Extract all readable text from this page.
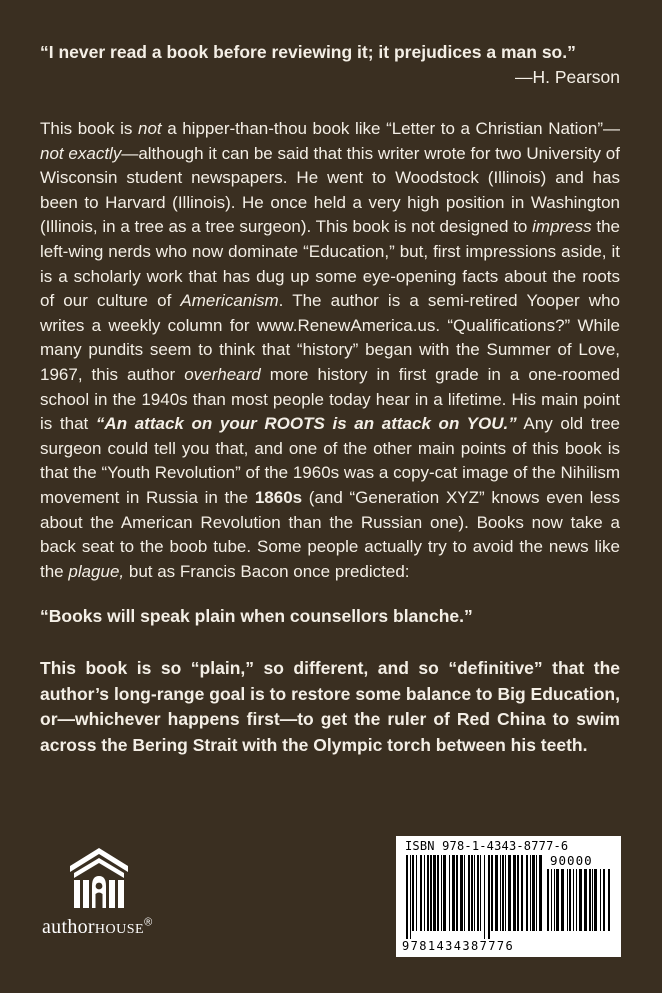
“I never read a book before reviewing it; it prejudices a man so.”
—H. Pearson

This book is not a hipper-than-thou book like “Letter to a Christian Nation”—not exactly—although it can be said that this writer wrote for two University of Wisconsin student newspapers. He went to Woodstock (Illinois) and has been to Harvard (Illinois). He once held a very high position in Washington (Illinois, in a tree as a tree surgeon). This book is not designed to impress the left-wing nerds who now dominate “Education,” but, first impressions aside, it is a scholarly work that has dug up some eye-opening facts about the roots of our culture of Americanism. The author is a semi-retired Yooper who writes a weekly column for www.RenewAmerica.us. “Qualifications?” While many pundits seem to think that “history” began with the Summer of Love, 1967, this author overheard more history in first grade in a one-roomed school in the 1940s than most people today hear in a lifetime. His main point is that “An attack on your ROOTS is an attack on YOU.” Any old tree surgeon could tell you that, and one of the other main points of this book is that the “Youth Revolution” of the 1960s was a copy-cat image of the Nihilism movement in Russia in the 1860s (and “Generation XYZ” knows even less about the American Revolution than the Russian one). Books now take a back seat to the boob tube. Some people actually try to avoid the news like the plague, but as Francis Bacon once predicted:

“Books will speak plain when counsellors blanche.”
This book is so “plain,” so different, and so “definitive” that the author’s long-range goal is to restore some balance to Big Education, or—whichever happens first—to get the ruler of Red China to swim across the Bering Strait with the Olympic torch between his teeth.
authorHOUSE®
ISBN 978-1-4343-8777-6
90000
9781434387776
